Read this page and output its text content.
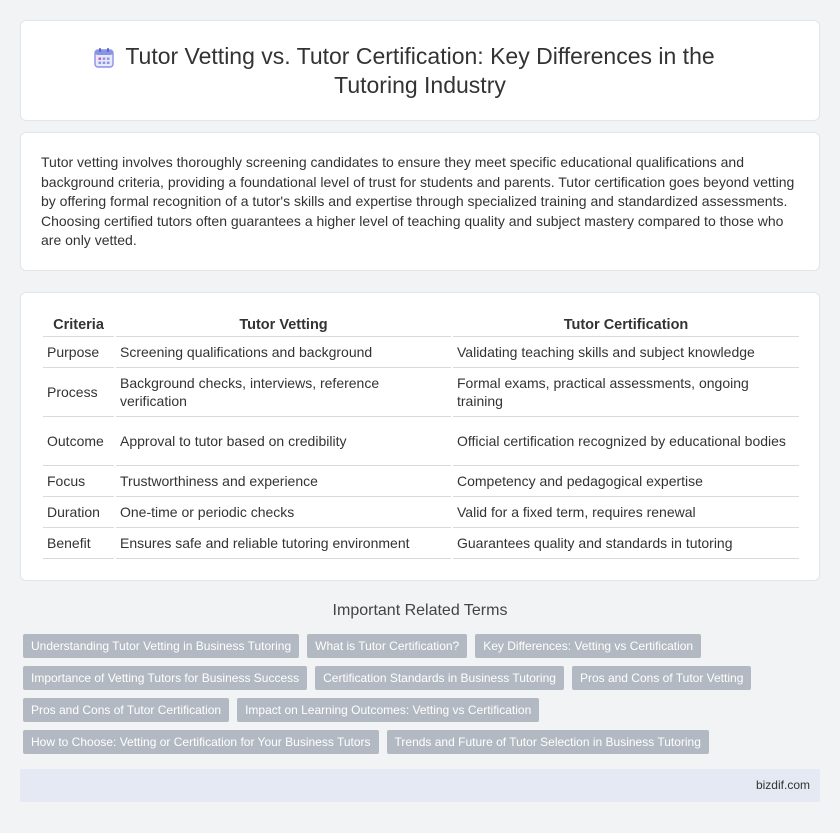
Tutor Vetting vs. Tutor Certification: Key Differences in the Tutoring Industry

Tutor vetting involves thoroughly screening candidates to ensure they meet specific educational qualifications and background criteria, providing a foundational level of trust for students and parents. Tutor certification goes beyond vetting by offering formal recognition of a tutor's skills and expertise through specialized training and standardized assessments. Choosing certified tutors often guarantees a higher level of teaching quality and subject mastery compared to those who are only vetted.

Criteria	Tutor Vetting	Tutor Certification
Purpose	Screening qualifications and background	Validating teaching skills and subject knowledge
Process	Background checks, interviews, reference verification	Formal exams, practical assessments, ongoing training
Outcome	Approval to tutor based on credibility	Official certification recognized by educational bodies
Focus	Trustworthiness and experience	Competency and pedagogical expertise
Duration	One-time or periodic checks	Valid for a fixed term, requires renewal
Benefit	Ensures safe and reliable tutoring environment	Guarantees quality and standards in tutoring
Important Related Terms
Understanding Tutor Vetting in Business Tutoring	What is Tutor Certification?	Key Differences: Vetting vs Certification
Importance of Vetting Tutors for Business Success	Certification Standards in Business Tutoring	Pros and Cons of Tutor Vetting
Pros and Cons of Tutor Certification	Impact on Learning Outcomes: Vetting vs Certification
How to Choose: Vetting or Certification for Your Business Tutors	Trends and Future of Tutor Selection in Business Tutoring
bizdif.com
